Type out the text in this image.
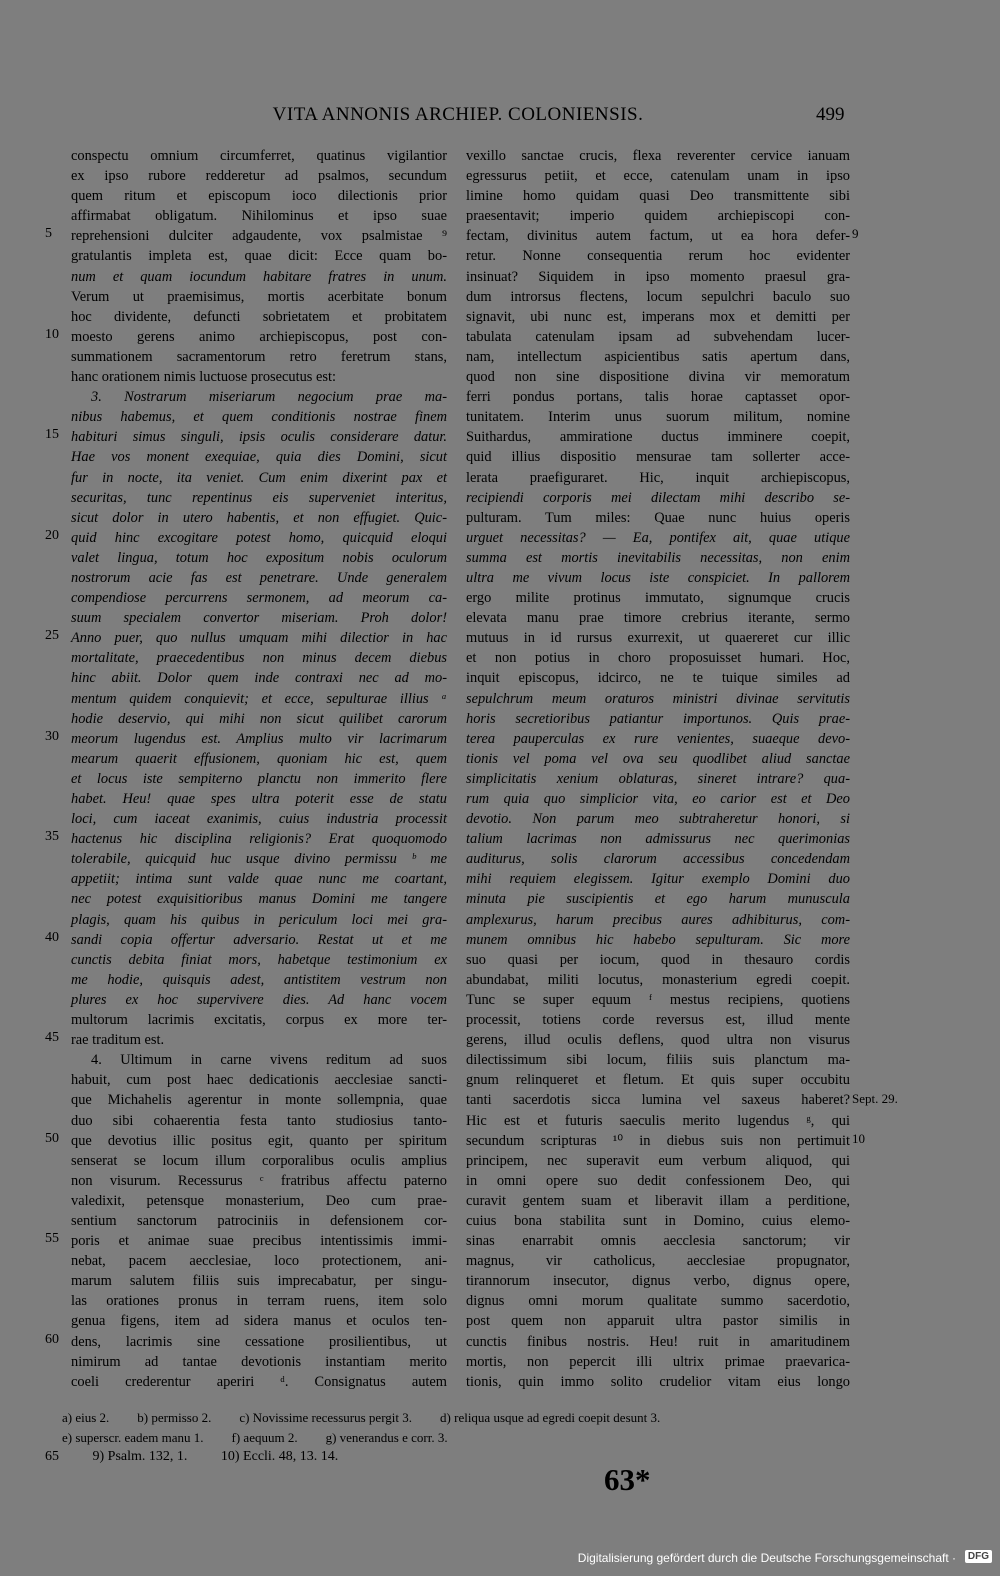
VITA ANNONIS ARCHIEP. COLONIENSIS.	499
conspectu omnium circumferret, quatinus vigilantior
ex ipso rubore redderetur ad psalmos, secundum
quem ritum et episcopum ioco dilectionis prior
affirmabat obligatum. Nihilominus et ipso suae
reprehensioni dulciter adgaudente, vox psalmistae ⁹
gratulantis impleta est, quae dicit: Ecce quam bo-
num et quam iocundum habitare fratres in unum.
Verum ut praemisimus, mortis acerbitate bonum
hoc dividente, defuncti sobrietatem et probitatem
moesto gerens animo archiepiscopus, post con-
summationem sacramentorum retro feretrum stans,
hanc orationem nimis luctuose prosecutus est:
3. Nostrarum miseriarum negocium prae ma-
nibus habemus, et quem conditionis nostrae finem
habituri simus singuli, ipsis oculis considerare datur.
Hae vos monent exequiae, quia dies Domini, sicut
fur in nocte, ita veniet. Cum enim dixerint pax et
securitas, tunc repentinus eis superveniet interitus,
sicut dolor in utero habentis, et non effugiet. Quic-
quid hinc excogitare potest homo, quicquid eloqui
valet lingua, totum hoc expositum nobis oculorum
nostrorum acie fas est penetrare. Unde generalem
compendiose percurrens sermonem, ad meorum ca-
suum specialem convertor miseriam. Proh dolor!
Anno puer, quo nullus umquam mihi dilectior in hac
mortalitate, praecedentibus non minus decem diebus
hinc abiit. Dolor quem inde contraxi nec ad mo-
mentum quidem conquievit; et ecce, sepulturae illius ᵃ
hodie deservio, qui mihi non sicut quilibet carorum
meorum lugendus est. Amplius multo vir lacrimarum
mearum quaerit effusionem, quoniam hic est, quem
et locus iste sempiterno planctu non immerito flere
habet. Heu! quae spes ultra poterit esse de statu
loci, cum iaceat exanimis, cuius industria processit
hactenus hic disciplina religionis? Erat quoquomodo
tolerabile, quicquid huc usque divino permissu ᵇ me
appetiit; intima sunt valde quae nunc me coartant,
nec potest exquisitioribus manus Domini me tangere
plagis, quam his quibus in periculum loci mei gra-
sandi copia offertur adversario. Restat ut et me
cunctis debita finiat mors, habetque testimonium ex
me hodie, quisquis adest, antistitem vestrum non
plures ex hoc supervivere dies. Ad hanc vocem
multorum lacrimis excitatis, corpus ex more ter-
rae traditum est.
4. Ultimum in carne vivens reditum ad suos
habuit, cum post haec dedicationis aecclesiae sancti-
que Michahelis agerentur in monte sollempnia, quae
duo sibi cohaerentia festa tanto studiosius tanto-
que devotius illic positus egit, quanto per spiritum
senserat se locum illum corporalibus oculis amplius
non visurum. Recessurus ᶜ fratribus affectu paterno
valedixit, petensque monasterium, Deo cum prae-
sentium sanctorum patrociniis in defensionem cor-
poris et animae suae precibus intentissimis immi-
nebat, pacem aecclesiae, loco protectionem, ani-
marum salutem filiis suis imprecabatur, per singu-
las orationes pronus in terram ruens, item solo
genua figens, item ad sidera manus et oculos ten-
dens, lacrimis sine cessatione prosilientibus, ut
nimirum ad tantae devotionis instantiam merito
coeli crederentur aperiri ᵈ. Consignatus autem
vexillo sanctae crucis, flexa reverenter cervice ianuam
egressurus petiit, et ecce, catenulam unam in ipso
limine homo quidam quasi Deo transmittente sibi
praesentavit; imperio quidem archiepiscopi con-
fectam, divinitus autem factum, ut ea hora defer-
retur. Nonne consequentia rerum hoc evidenter
insinuat? Siquidem in ipso momento praesul gra-
dum introrsus flectens, locum sepulchri baculo suo
signavit, ubi nunc est, imperans mox et demitti per
tabulata catenulam ipsam ad subvehendam lucer-
nam, intellectum aspicientibus satis apertum dans,
quod non sine dispositione divina vir memoratum
ferri pondus portans, talis horae captasset opor-
tunitatem. Interim unus suorum militum, nomine
Suithardus, ammiratione ductus imminere coepit,
quid illius dispositio mensurae tam sollerter acce-
lerata praefiguraret. Hic, inquit archiepiscopus,
recipiendi corporis mei dilectam mihi describo se-
pulturam. Tum miles: Quae nunc huius operis
urguet necessitas? — Ea, pontifex ait, quae utique
summa est mortis inevitabilis necessitas, non enim
ultra me vivum locus iste conspiciet. In pallorem
ergo milite protinus immutato, signumque crucis
elevata manu prae timore crebrius iterante, sermo
mutuus in id rursus exurrexit, ut quaereret cur illic
et non potius in choro proposuisset humari. Hoc,
inquit episcopus, idcirco, ne te tuique similes ad
sepulchrum meum oraturos ministri divinae servitutis
horis secretioribus patiantur importunos. Quis prae-
terea pauperculas ex rure venientes, suaeque devo-
tionis vel poma vel ova seu quodlibet aliud sanctae
simplicitatis xenium oblaturas, sineret intrare? qua-
rum quia quo simplicior vita, eo carior est et Deo
devotio. Non parum meo subtraheretur honori, si
talium lacrimas non admissurus nec querimonias
auditurus, solis clarorum accessibus concedendam
mihi requiem elegissem. Igitur exemplo Domini duo
minuta pie suscipientis et ego harum munuscula
amplexurus, harum precibus aures adhibiturus, com-
munem omnibus hic habebo sepulturam. Sic more
suo quasi per iocum, quod in thesauro cordis
abundabat, militi locutus, monasterium egredi coepit.
Tunc se super equum ᶠ mestus recipiens, quotiens
processit, totiens corde reversus est, illud mente
gerens, illud oculis deflens, quod ultra non visurus
dilectissimum sibi locum, filiis suis planctum ma-
gnum relinqueret et fletum. Et quis super occubitu
tanti sacerdotis sicca lumina vel saxeus haberet?
Hic est et futuris saeculis merito lugendus ᵍ, qui
secundum scripturas ¹⁰ in diebus suis non pertimuit
principem, nec superavit eum verbum aliquod, qui
in omni opere suo dedit confessionem Deo, qui
curavit gentem suam et liberavit illam a perditione,
cuius bona stabilita sunt in Domino, cuius elemo-
sinas enarrabit omnis aecclesia sanctorum; vir
magnus, vir catholicus, aecclesiae propugnator,
tirannorum insecutor, dignus verbo, dignus opere,
dignus omni morum qualitate summo sacerdotio,
post quem non apparuit ultra pastor similis in
cunctis finibus nostris. Heu! ruit in amaritudinem
mortis, non pepercit illi ultrix primae praevarica-
tionis, quin immo solito crudelior vitam eius longo
5
10
15
20
25
30
35
40
45
50
55
60
9
Sept. 29.
10
a) eius 2. b) permisso 2. c) Novissime recessurus pergit 3. d) reliqua usque ad egredi coepit desunt 3.
e) superscr. eadem manu 1. f) aequum 2. g) venerandus e corr. 3.
65 9) Psalm. 132, 1. 10) Eccli. 48, 13. 14.
63*
Digitalisierung gefördert durch die Deutsche Forschungsgemeinschaft ·	DFG
